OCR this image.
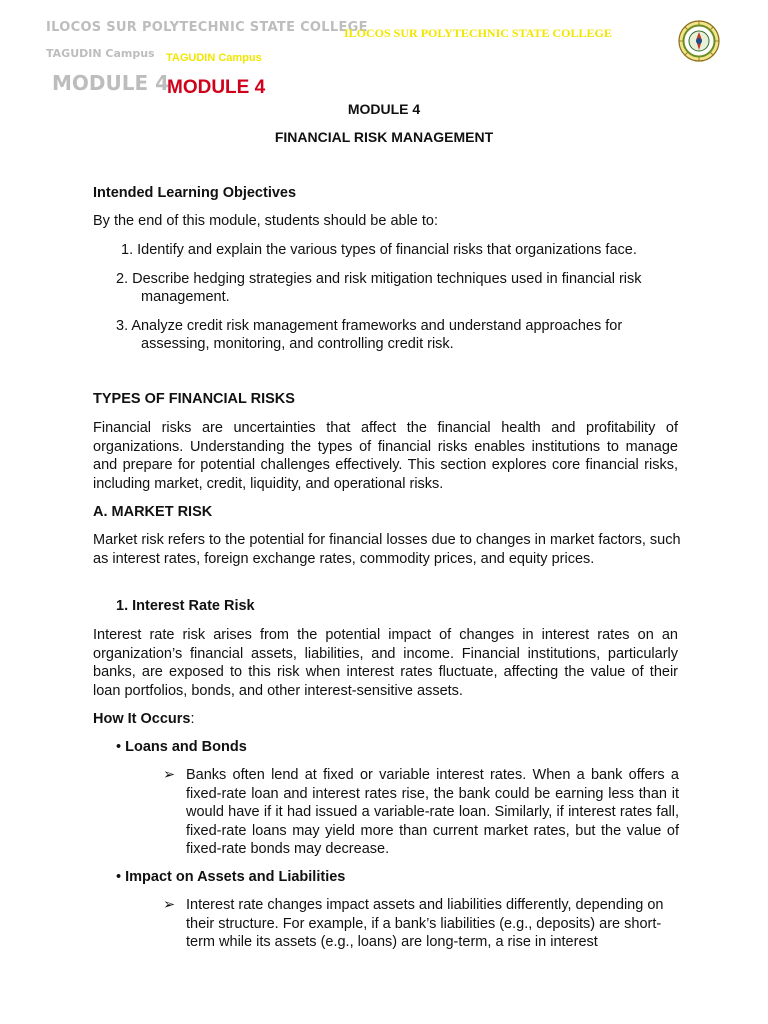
ILOCOS SUR POLYTECHNIC STATE COLLEGE
TAGUDIN Campus
MODULE 4
ILOCOS SUR POLYTECHNIC STATE COLLEGE
TAGUDIN Campus
MODULE 4
MODULE 4
FINANCIAL RISK MANAGEMENT
Intended Learning Objectives
By the end of this module, students should be able to:
1. Identify and explain the various types of financial risks that organizations face.
2. Describe hedging strategies and risk mitigation techniques used in financial risk
management.
3. Analyze credit risk management frameworks and understand approaches for
assessing, monitoring, and controlling credit risk.
TYPES OF FINANCIAL RISKS
Financial risks are uncertainties that affect the financial health and profitability of organizations. Understanding the types of financial risks enables institutions to manage and prepare for potential challenges effectively. This section explores core financial risks, including market, credit, liquidity, and operational risks.
A. MARKET RISK
Market risk refers to the potential for financial losses due to changes in market factors, such as interest rates, foreign exchange rates, commodity prices, and equity prices.
1. Interest Rate Risk
Interest rate risk arises from the potential impact of changes in interest rates on an organization’s financial assets, liabilities, and income. Financial institutions, particularly banks, are exposed to this risk when interest rates fluctuate, affecting the value of their loan portfolios, bonds, and other interest-sensitive assets.
How It Occurs:
• Loans and Bonds
➢ Banks often lend at fixed or variable interest rates. When a bank offers a fixed-rate loan and interest rates rise, the bank could be earning less than it would have if it had issued a variable-rate loan. Similarly, if interest rates fall, fixed-rate loans may yield more than current market rates, but the value of fixed-rate bonds may decrease.
• Impact on Assets and Liabilities
➢ Interest rate changes impact assets and liabilities differently, depending on their structure. For example, if a bank’s liabilities (e.g., deposits) are short-term while its assets (e.g., loans) are long-term, a rise in interest
